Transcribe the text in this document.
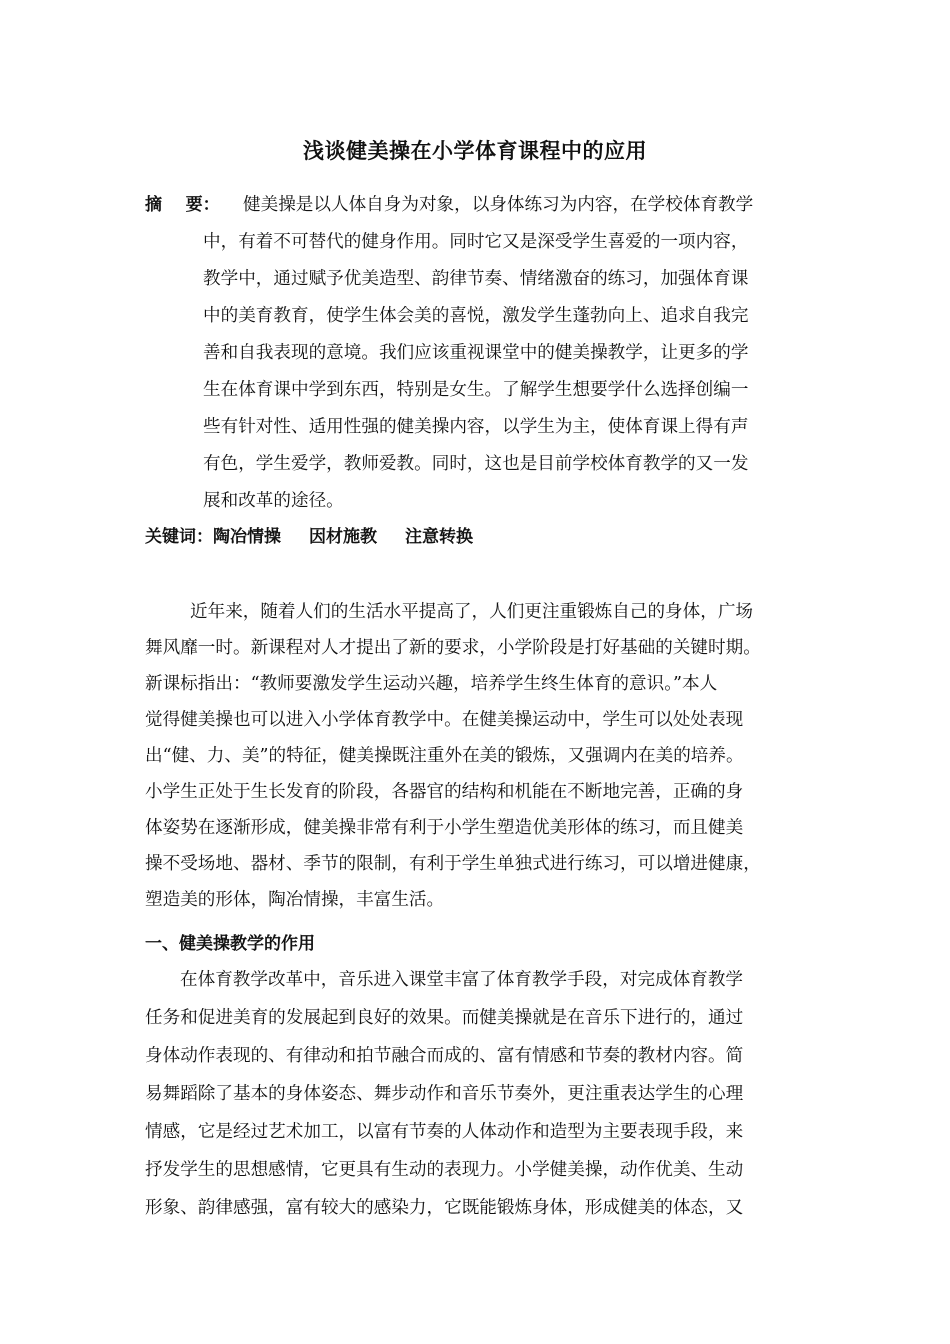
浅谈健美操在小学体育课程中的应用
摘    要： 健美操是以人体自身为对象，以身体练习为内容，在学校体育教学
中，有着不可替代的健身作用。同时它又是深受学生喜爱的一项内容，
教学中，通过赋予优美造型、韵律节奏、情绪激奋的练习，加强体育课
中的美育教育，使学生体会美的喜悦，激发学生蓬勃向上、追求自我完
善和自我表现的意境。我们应该重视课堂中的健美操教学，让更多的学
生在体育课中学到东西，特别是女生。了解学生想要学什么选择创编一
些有针对性、适用性强的健美操内容，以学生为主，使体育课上得有声
有色，学生爱学，教师爱教。同时，这也是目前学校体育教学的又一发
展和改革的途径。
关键词：陶冶情操 因材施教 注意转换
近年来，随着人们的生活水平提高了，人们更注重锻炼自己的身体，广场
舞风靡一时。新课程对人才提出了新的要求，小学阶段是打好基础的关键时期。
新课标指出：“教师要激发学生运动兴趣，培养学生终生体育的意识。”本人
觉得健美操也可以进入小学体育教学中。在健美操运动中，学生可以处处表现
出“健、力、美”的特征，健美操既注重外在美的锻炼，又强调内在美的培养。
小学生正处于生长发育的阶段，各器官的结构和机能在不断地完善，正确的身
体姿势在逐渐形成，健美操非常有利于小学生塑造优美形体的练习，而且健美
操不受场地、器材、季节的限制，有利于学生单独式进行练习，可以增进健康，
塑造美的形体，陶冶情操，丰富生活。
一、健美操教学的作用
在体育教学改革中，音乐进入课堂丰富了体育教学手段，对完成体育教学
任务和促进美育的发展起到良好的效果。而健美操就是在音乐下进行的，通过
身体动作表现的、有律动和拍节融合而成的、富有情感和节奏的教材内容。简
易舞蹈除了基本的身体姿态、舞步动作和音乐节奏外，更注重表达学生的心理
情感，它是经过艺术加工，以富有节奏的人体动作和造型为主要表现手段，来
抒发学生的思想感情，它更具有生动的表现力。小学健美操，动作优美、生动
形象、韵律感强，富有较大的感染力，它既能锻炼身体，形成健美的体态，又
